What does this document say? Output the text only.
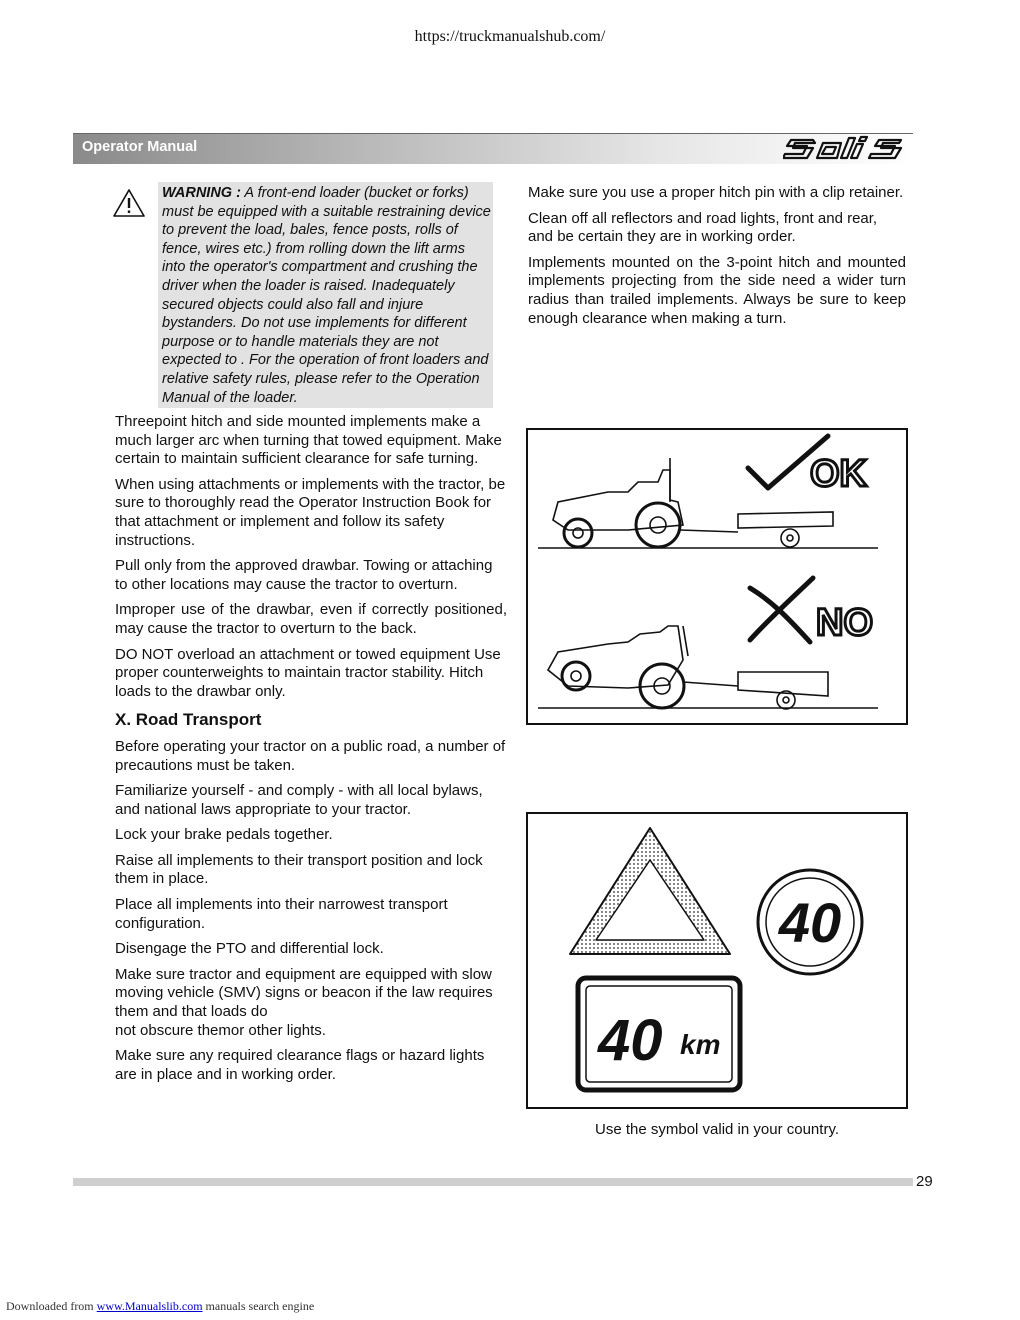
https://truckmanualshub.com/
Operator Manual
WARNING : A front-end loader (bucket or forks) must be equipped with a suitable restraining device to prevent the load, bales, fence posts, rolls of fence, wires etc.) from rolling down the lift arms into the operator's compartment and crushing the driver when the loader is raised. Inadequately secured objects could also fall and injure bystanders. Do not use implements for different purpose or to handle materials they are not expected to . For the operation of front loaders and relative safety rules, please refer to the Operation Manual of the loader.

Threepoint hitch and side mounted implements make a much larger arc when turning that towed equipment. Make certain to maintain sufficient clearance for safe turning.

When using attachments or implements with the tractor, be sure to thoroughly read the Operator Instruction Book for that attachment or implement and follow its safety instructions.

Pull only from the approved drawbar. Towing or attaching to other locations may cause the tractor to overturn.

Improper use of the drawbar, even if correctly positioned, may cause the tractor to overturn to the back.

DO NOT overload an attachment or towed equipment Use proper counterweights to maintain tractor stability. Hitch loads to the drawbar only.

X. Road Transport

Before operating your tractor on a public road, a number of precautions must be taken.

Familiarize yourself - and comply - with all local bylaws, and national laws appropriate to your tractor.

Lock your brake pedals together.

Raise all implements to their transport position and lock them in place.

Place all implements into their narrowest transport configuration.

Disengage the PTO and differential lock.

Make sure tractor and equipment are equipped with slow moving vehicle (SMV) signs or beacon if the law requires them and that loads do
not obscure themor other lights.

Make sure any required clearance flags or hazard lights are in place and in working order.

Make sure you use a proper hitch pin with a clip retainer.

Clean off all reflectors and road lights, front and rear, and be certain they are in working order.

Implements mounted on the 3-point hitch and mounted implements projecting from the side need a wider turn radius than trailed implements. Always be sure to keep enough clearance when making a turn.

OK
NO
40
40 km
Use the symbol valid in your country.
29
Downloaded from www.Manualslib.com manuals search engine
